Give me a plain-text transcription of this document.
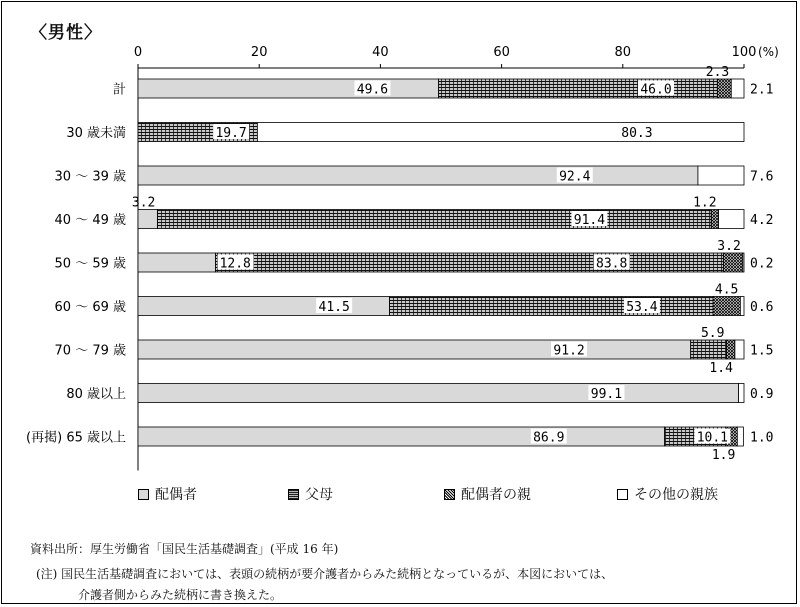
〈男性〉
0	20	40	60	80	100 (%)
計
30 歳未満
30 ～ 39 歳
40 ～ 49 歳
50 ～ 59 歳
60 ～ 69 歳
70 ～ 79 歳
80 歳以上
(再掲) 65 歳以上
49.6	46.0
2.3
2.1
19.7	80.3
92.4	7.6
3.2
91.4
1.2
4.2
12.8	83.8
3.2
0.2
41.5	53.4
4.5
0.6
91.2
5.9
1.4
1.5
99.1	0.9
86.9	10.1
1.9
1.0
配偶者	父母	配偶者の親	その他の親族
資料出所：厚生労働省「国民生活基礎調査」(平成 16 年)
(注) 国民生活基礎調査においては、表頭の続柄が要介護者からみた続柄となっているが、本図においては、
介護者側からみた続柄に書き換えた。
